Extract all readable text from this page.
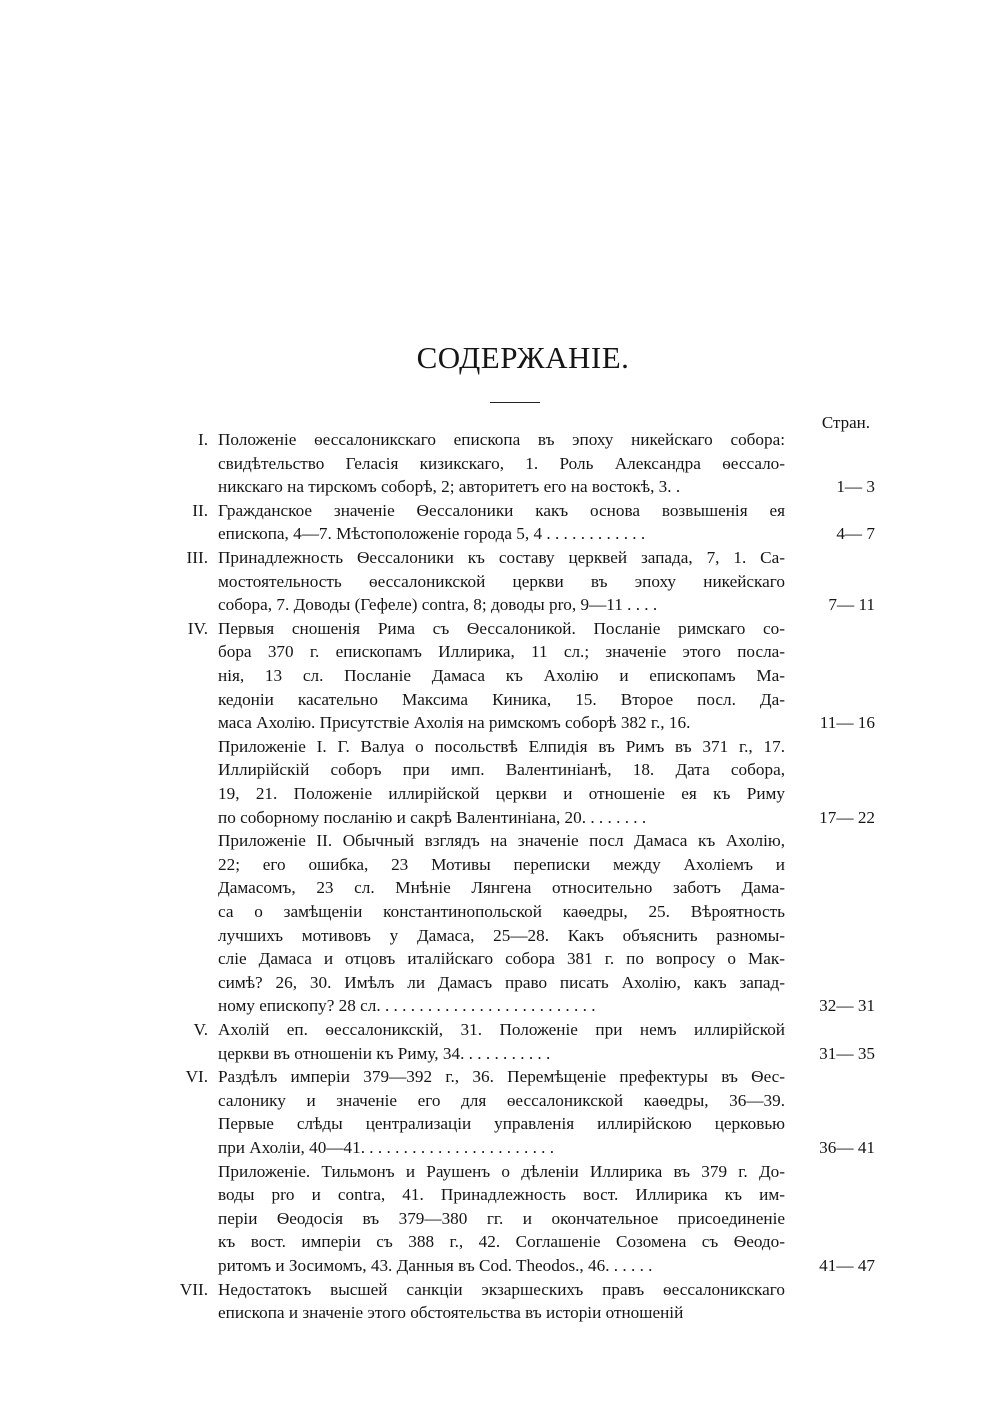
СОДЕРЖАНІЕ.
Стран.
I. Положеніе ѳессалоникскаго епископа въ эпоху никейскаго собора:
свидѣтельство Геласія кизикскаго, 1. Роль Александра ѳессало-
никскаго на тирскомъ соборѣ, 2; авторитетъ его на востокѣ, 3. .	1— 3
II. Гражданское значеніе Ѳессалоники какъ основа возвышенія ея
епископа, 4—7. Мѣстоположеніе города 5, 4 . . . . . . . . . . . .	4— 7
III. Принадлежность Ѳессалоники къ составу церквей запада, 7, 1. Са-
мостоятельность ѳессалоникской церкви въ эпоху никейскаго
собора, 7. Доводы (Гефеле) contra, 8; доводы pro, 9—11 . . . .	7— 11
IV. Первыя сношенія Рима съ Ѳессалоникой. Посланіе римскаго со-
бора 370 г. епископамъ Иллирика, 11 сл.; значеніе этого посла-
нія, 13 сл. Посланіе Дамаса къ Ахолію и епископамъ Ма-
кедоніи касательно Максима Киника, 15. Второе посл. Да-
маса Ахолію. Присутствіе Ахолія на римскомъ соборѣ 382 г., 16.	11— 16
Приложеніе I. Г. Валуа о посольствѣ Елпидія въ Римъ въ 371 г., 17.
Иллирійскій соборъ при имп. Валентиніанѣ, 18. Дата собора,
19, 21. Положеніе иллирійской церкви и отношеніе ея къ Риму
по соборному посланію и сакрѣ Валентиніана, 20. . . . . . . .	17— 22
Приложеніе II. Обычный взглядъ на значеніе посл Дамаса къ Ахолію,
22; его ошибка, 23 Мотивы переписки между Ахоліемъ и
Дамасомъ, 23 сл. Мнѣніе Лянгена относительно заботъ Дама-
са о замѣщеніи константинопольской каѳедры, 25. Вѣроятность
лучшихъ мотивовъ у Дамаса, 25—28. Какъ объяснить разномы-
сліе Дамаса и отцовъ италійскаго собора 381 г. по вопросу о Мак-
симѣ? 26, 30. Имѣлъ ли Дамасъ право писать Ахолію, какъ запад-
ному епископу? 28 сл. . . . . . . . . . . . . . . . . . . . . . . . . .	32— 31
V. Ахолій еп. ѳессалоникскій, 31. Положеніе при немъ иллирійской
церкви въ отношеніи къ Риму, 34. . . . . . . . . . .	31— 35
VI. Раздѣлъ имперіи 379—392 г., 36. Перемѣщеніе префектуры въ Ѳес-
салонику и значеніе его для ѳессалоникской каѳедры, 36—39.
Первые слѣды централизаціи управленія иллирійскою церковью
при Ахоліи, 40—41. . . . . . . . . . . . . . . . . . . . . . .	36— 41
Приложеніе. Тильмонъ и Раушенъ о дѣленіи Иллирика въ 379 г. До-
воды pro и contra, 41. Принадлежность вост. Иллирика къ им-
періи Ѳеодосія въ 379—380 гг. и окончательное присоединеніе
къ вост. имперіи съ 388 г., 42. Соглашеніе Созомена съ Ѳеодо-
ритомъ и Зосимомъ, 43. Данныя въ Cod. Theodos., 46. . . . . .	41— 47
VII. Недостатокъ высшей санкціи экзаршескихъ правъ ѳессалоникскаго
епископа и значеніе этого обстоятельства въ исторіи отношеній
